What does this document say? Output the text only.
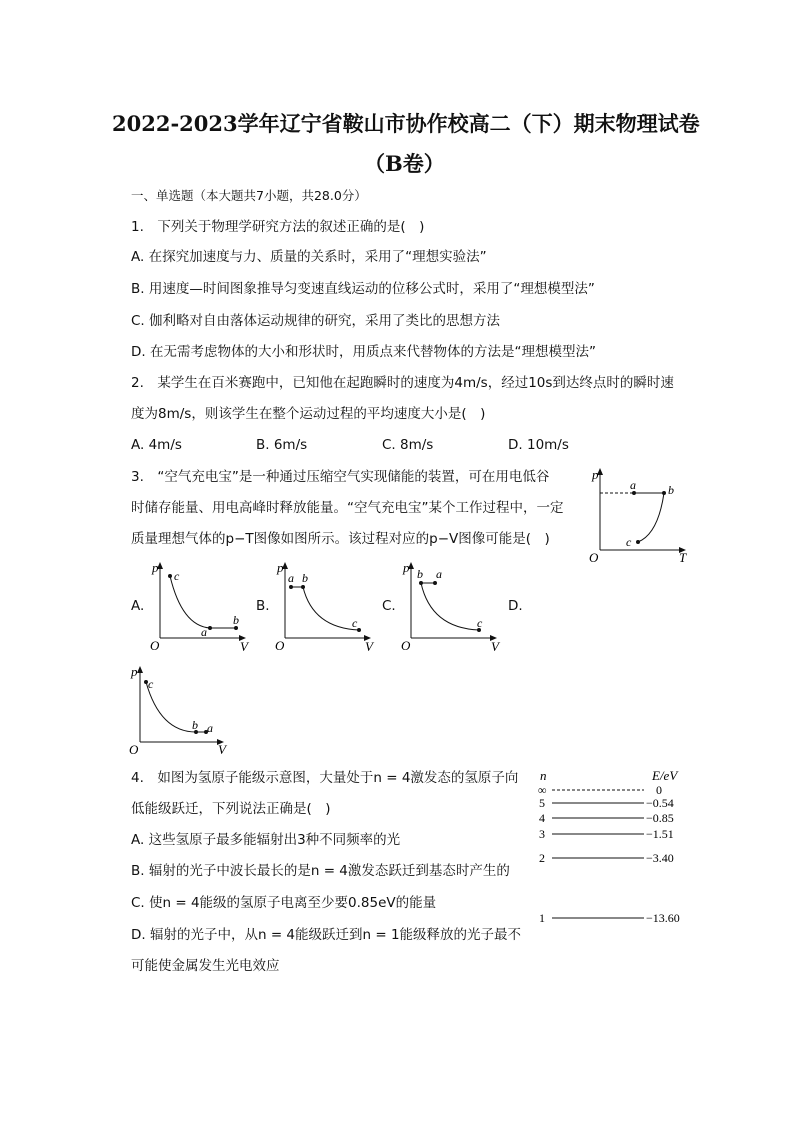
2022-2023学年辽宁省鞍山市协作校高二（下）期末物理试卷
（B卷）
一、单选题（本大题共7小题，共28.0分）
1.　下列关于物理学研究方法的叙述正确的是(　)
A. 在探究加速度与力、质量的关系时，采用了“理想实验法”
B. 用速度—时间图象推导匀变速直线运动的位移公式时，采用了“理想模型法”
C. 伽利略对自由落体运动规律的研究，采用了类比的思想方法
D. 在无需考虑物体的大小和形状时，用质点来代替物体的方法是“理想模型法”
2.　某学生在百米赛跑中，已知他在起跑瞬时的速度为4m/s，经过10s到达终点时的瞬时速
度为8m/s，则该学生在整个运动过程的平均速度大小是(　)
A. 4m/s	B. 6m/s	C. 8m/s	D. 10m/s
3.　“空气充电宝”是一种通过压缩空气实现储能的装置，可在用电低谷
时储存能量、用电高峰时释放能量。“空气充电宝”某个工作过程中，一定
质量理想气体的p−T图像如图所示。该过程对应的p−V图像可能是(　)
p
T
O
a	b
c
A.	B.	C.	D.
p
V
O
c
a
b
p
V
O
a b
c
p
V
O
b a
c
p
V
O
c
b a
4.　如图为氢原子能级示意图，大量处于n = 4激发态的氢原子向
低能级跃迁，下列说法正确是(　)
A. 这些氢原子最多能辐射出3种不同频率的光
B. 辐射的光子中波长最长的是n = 4激发态跃迁到基态时产生的
C. 使n = 4能级的氢原子电离至少要0.85eV的能量
D. 辐射的光子中，从n = 4能级跃迁到n = 1能级释放的光子最不
可能使金属发生光电效应
n	E/eV
∞	0
5	−0.54
4	−0.85
3	−1.51
2	−3.40
1	−13.60
